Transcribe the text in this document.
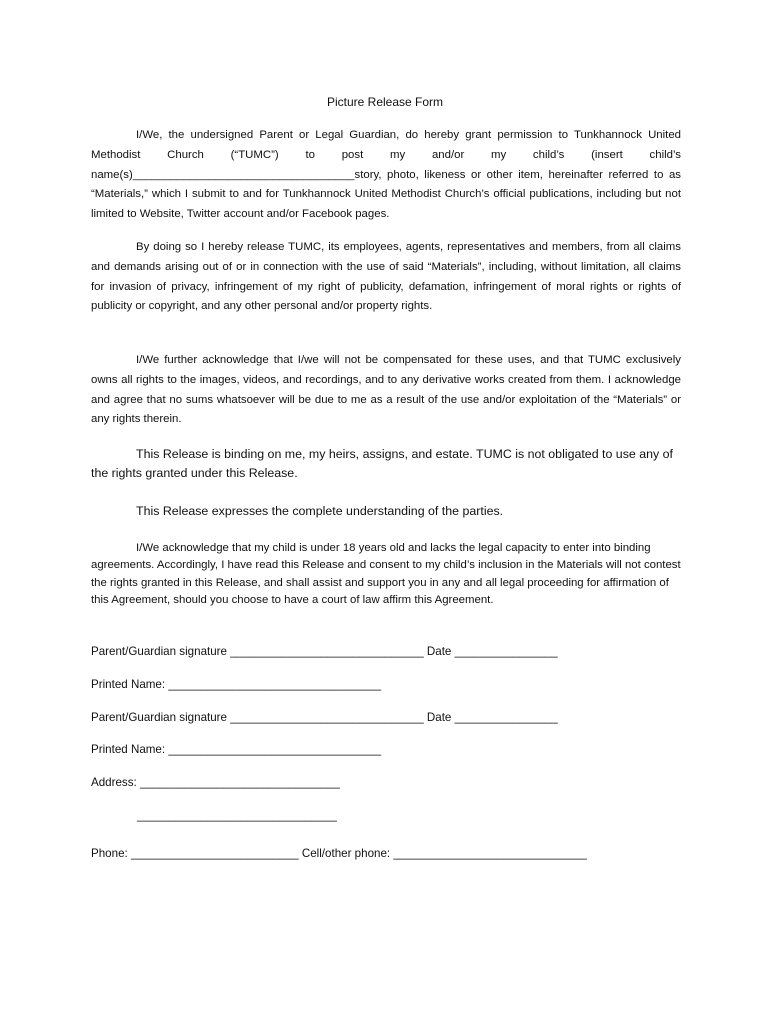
Picture Release Form
I/We, the undersigned Parent or Legal Guardian, do hereby grant permission to Tunkhannock United Methodist Church (“TUMC”) to post my and/or my child’s (insert child’s name(s)___________________________________story, photo, likeness or other item, hereinafter referred to as “Materials,” which I submit to and for Tunkhannock United Methodist Church’s official publications, including but not limited to Website, Twitter account and/or Facebook pages.
By doing so I hereby release TUMC, its employees, agents, representatives and members, from all claims and demands arising out of or in connection with the use of said “Materials”, including, without limitation, all claims for invasion of privacy, infringement of my right of publicity, defamation, infringement of moral rights or rights of publicity or copyright, and any other personal and/or property rights.
I/We further acknowledge that I/we will not be compensated for these uses, and that TUMC exclusively owns all rights to the images, videos, and recordings, and to any derivative works created from them. I acknowledge and agree that no sums whatsoever will be due to me as a result of the use and/or exploitation of the “Materials” or any rights therein.
This Release is binding on me, my heirs, assigns, and estate. TUMC is not obligated to use any of the rights granted under this Release.
This Release expresses the complete understanding of the parties.
I/We acknowledge that my child is under 18 years old and lacks the legal capacity to enter into binding agreements. Accordingly, I have read this Release and consent to my child’s inclusion in the Materials will not contest the rights granted in this Release, and shall assist and support you in any and all legal proceeding for affirmation of this Agreement, should you choose to have a court of law affirm this Agreement.
Parent/Guardian signature ______________________________ Date ________________
Printed Name: _________________________________
Parent/Guardian signature ______________________________ Date ________________
Printed Name: _________________________________
Address: _______________________________
_______________________________
Phone: __________________________ Cell/other phone: ______________________________
